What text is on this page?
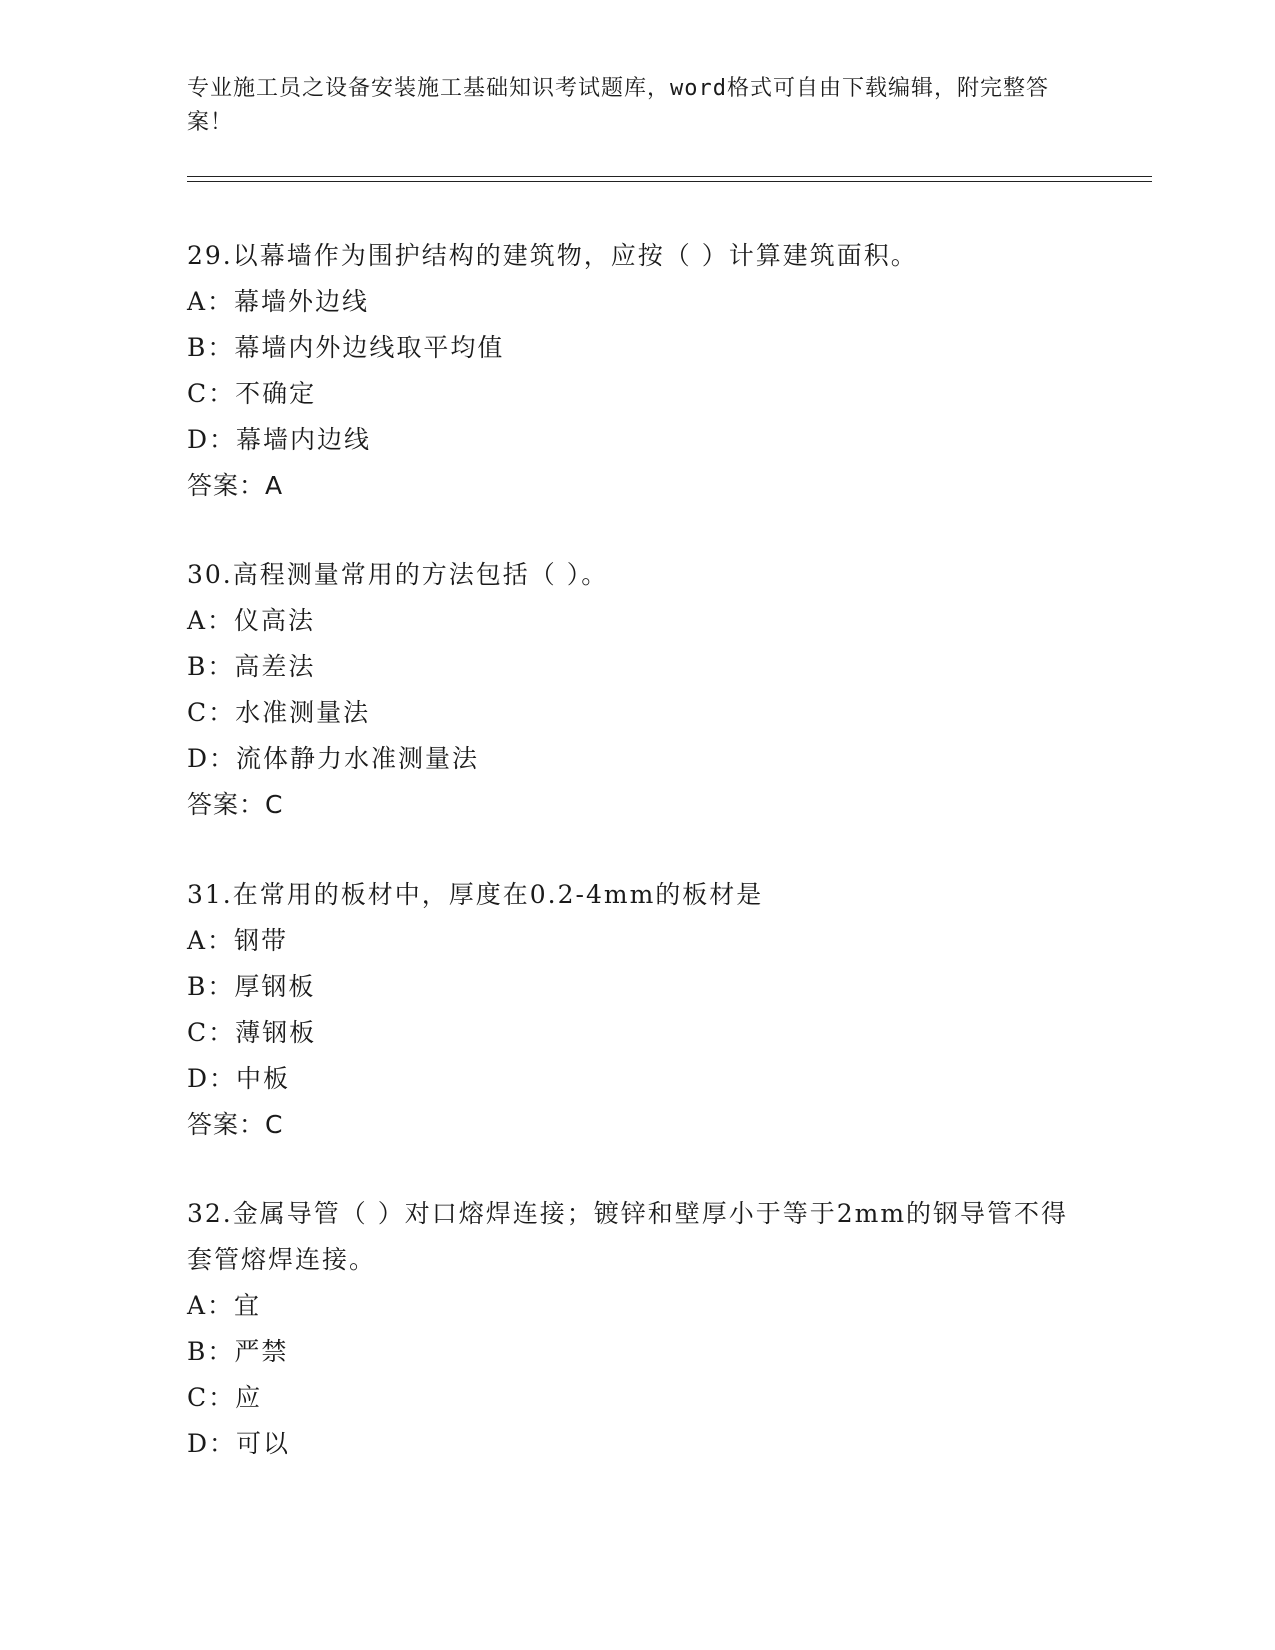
专业施工员之设备安装施工基础知识考试题库，word格式可自由下载编辑，附完整答案！

29.以幕墙作为围护结构的建筑物，应按（ ）计算建筑面积。

A：幕墙外边线

B：幕墙内外边线取平均值

C：不确定

D：幕墙内边线

答案：A

30.高程测量常用的方法包括（ ）。

A：仪高法

B：高差法

C：水准测量法

D：流体静力水准测量法

答案：C

31.在常用的板材中，厚度在0.2-4mm的板材是

A：钢带

B：厚钢板

C：薄钢板

D：中板

答案：C

32.金属导管（ ）对口熔焊连接；镀锌和壁厚小于等于2mm的钢导管不得套管熔焊连接。

A：宜

B：严禁

C：应

D：可以
